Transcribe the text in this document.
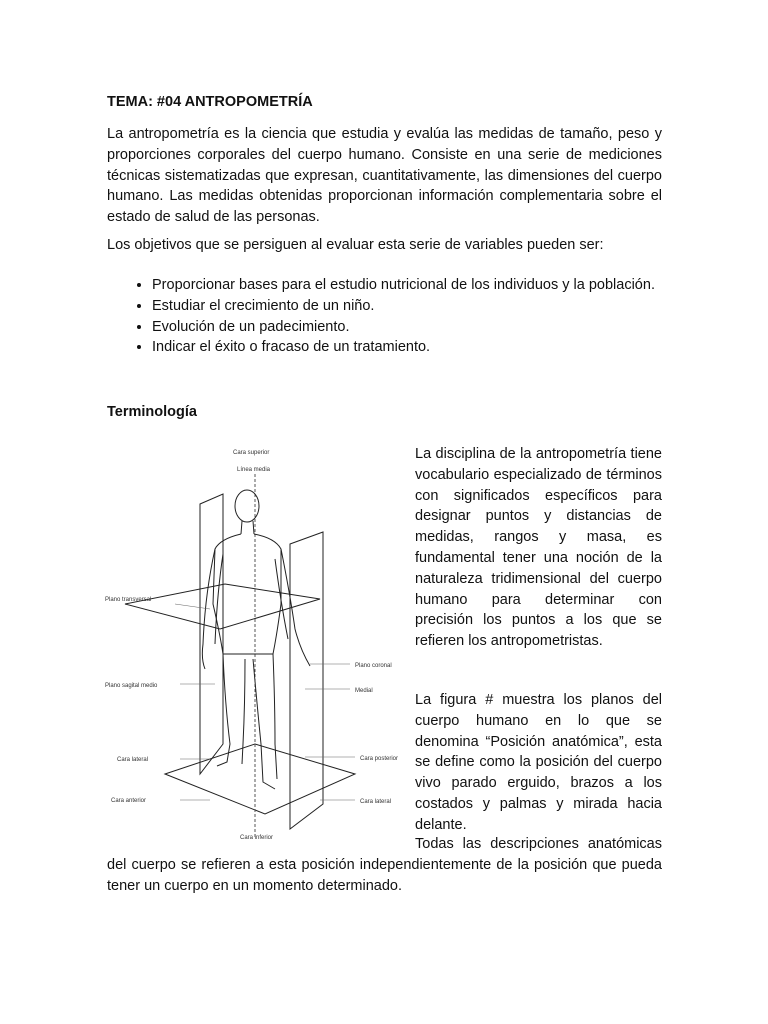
TEMA: #04 ANTROPOMETRÍA

La antropometría es la ciencia que estudia y evalúa las medidas de tamaño, peso y proporciones corporales del cuerpo humano. Consiste en una serie de mediciones técnicas sistematizadas que expresan, cuantitativamente, las dimensiones del cuerpo humano. Las medidas obtenidas proporcionan información complementaria sobre el estado de salud de las personas.

Los objetivos que se persiguen al evaluar esta serie de variables pueden ser:

• Proporcionar bases para el estudio nutricional de los individuos y la población.
• Estudiar el crecimiento de un niño.
• Evolución de un padecimiento.
• Indicar el éxito o fracaso de un tratamiento.
Terminología
Cara superior
Línea media
Plano transversal
Plano coronal
Plano sagital medio
Medial
Cara lateral	Cara posterior
Cara anterior	Cara lateral
Cara inferior

La disciplina de la antropometría tiene vocabulario especializado de términos con significados específicos para designar puntos y distancias de medidas, rangos y masa, es fundamental tener una noción de la naturaleza tridimensional del cuerpo humano para determinar con precisión los puntos a los que se refieren los antropometristas.

La figura # muestra los planos del cuerpo humano en lo que se denomina “Posición anatómica”, esta se define como la posición del cuerpo vivo parado erguido, brazos a los costados y palmas y mirada hacia delante.

Todas las descripciones anatómicas del cuerpo se refieren a esta posición independientemente de la posición que pueda tener un cuerpo en un momento determinado.
